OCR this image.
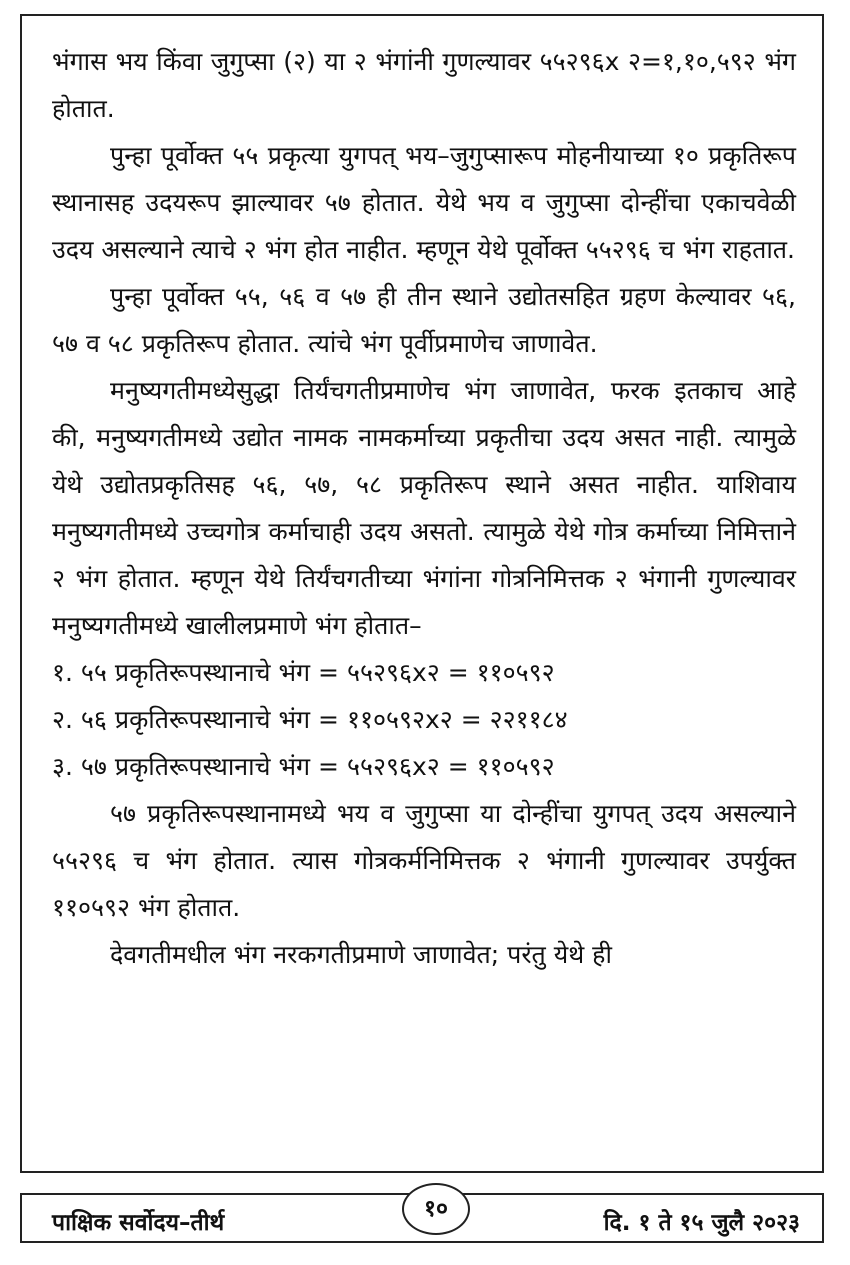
भंगास भय किंवा जुगुप्सा (२) या २ भंगांनी गुणल्यावर ५५२९६x २=१,१०,५९२ भंग होतात.

पुन्हा पूर्वोक्त ५५ प्रकृत्या युगपत् भय–जुगुप्सारूप मोहनीयाच्या १० प्रकृतिरूप स्थानासह उदयरूप झाल्यावर ५७ होतात. येथे भय व जुगुप्सा दोन्हींचा एकाचवेळी उदय असल्याने त्याचे २ भंग होत नाहीत. म्हणून येथे पूर्वोक्त ५५२९६ च भंग राहतात.

पुन्हा पूर्वोक्त ५५, ५६ व ५७ ही तीन स्थाने उद्योतसहित ग्रहण केल्यावर ५६, ५७ व ५८ प्रकृतिरूप होतात. त्यांचे भंग पूर्वीप्रमाणेच जाणावेत.

मनुष्यगतीमध्येसुद्धा तिर्यंचगतीप्रमाणेच भंग जाणावेत, फरक इतकाच आहे की, मनुष्यगतीमध्ये उद्योत नामक नामकर्माच्या प्रकृतीचा उदय असत नाही. त्यामुळे येथे उद्योतप्रकृतिसह ५६, ५७, ५८ प्रकृतिरूप स्थाने असत नाहीत. याशिवाय मनुष्यगतीमध्ये उच्चगोत्र कर्माचाही उदय असतो. त्यामुळे येथे गोत्र कर्माच्या निमित्ताने २ भंग होतात. म्हणून येथे तिर्यंचगतीच्या भंगांना गोत्रनिमित्तक २ भंगानी गुणल्यावर मनुष्यगतीमध्ये खालीलप्रमाणे भंग होतात–

१. ५५ प्रकृतिरूपस्थानाचे भंग = ५५२९६x२ = ११०५९२

२. ५६ प्रकृतिरूपस्थानाचे भंग = ११०५९२x२ = २२११८४

३. ५७ प्रकृतिरूपस्थानाचे भंग = ५५२९६x२ = ११०५९२

५७ प्रकृतिरूपस्थानामध्ये भय व जुगुप्सा या दोन्हींचा युगपत् उदय असल्याने ५५२९६ च भंग होतात. त्यास गोत्रकर्मनिमित्तक २ भंगानी गुणल्यावर उपर्युक्त ११०५९२ भंग होतात.

देवगतीमधील भंग नरकगतीप्रमाणे जाणावेत; परंतु येथे ही

पाक्षिक सर्वोदय–तीर्थ
१०
दि. १ ते १५ जुलै २०२३
